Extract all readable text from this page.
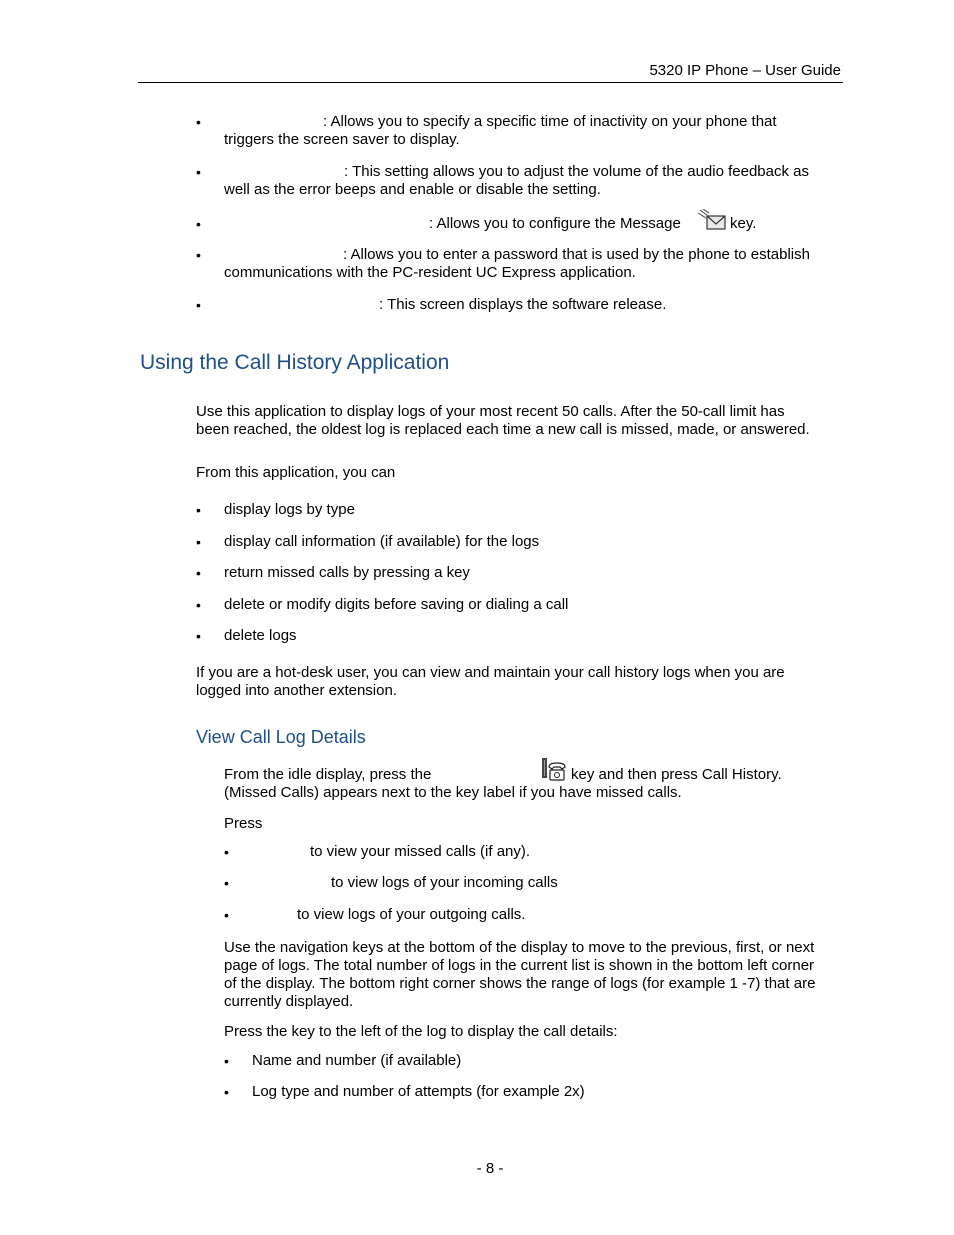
5320 IP Phone – User Guide
•	: Allows you to specify a specific time of inactivity on your phone that
triggers the screen saver to display.
•	: This setting allows you to adjust the volume of the audio feedback as
well as the error beeps and enable or disable the setting.
•	: Allows you to configure the Message	key.
•	: Allows you to enter a password that is used by the phone to establish
communications with the PC-resident UC Express application.
•	: This screen displays the software release.
Using the Call History Application
Use this application to display logs of your most recent 50 calls. After the 50-call limit has
been reached, the oldest log is replaced each time a new call is missed, made, or answered.
From this application, you can
• display logs by type
• display call information (if available) for the logs
• return missed calls by pressing a key
• delete or modify digits before saving or dialing a call
• delete logs
If you are a hot-desk user, you can view and maintain your call history logs when you are
logged into another extension.
View Call Log Details
From the idle display, press the	key and then press Call History.
(Missed Calls) appears next to the key label if you have missed calls.
Press
•	to view your missed calls (if any).
•	to view logs of your incoming calls
•	to view logs of your outgoing calls.
Use the navigation keys at the bottom of the display to move to the previous, first, or next
page of logs. The total number of logs in the current list is shown in the bottom left corner
of the display. The bottom right corner shows the range of logs (for example 1 -7) that are
currently displayed.
Press the key to the left of the log to display the call details:
• Name and number (if available)
• Log type and number of attempts (for example 2x)
- 8 -
